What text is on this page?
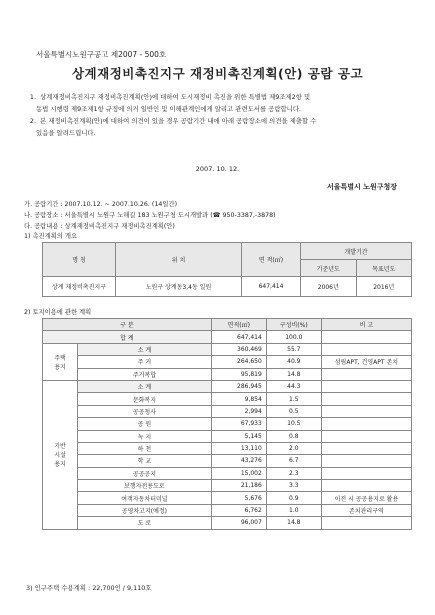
서울특별시노원구공고 제2007 - 500호
상계재정비촉진지구 재정비촉진계획(안) 공람 공고
1. 상계재정비촉진지구 재정비촉진계획(안)에 대하여 도시재정비 촉진을 위한 특별법 제9조제2항 및
동법 시행령 제9조제1항 규정에 의거 일반인 및 이해관계인에게 알리고 관련도서를 공람합니다.
2. 본 재정비촉진계획(안)에 대하여 의견이 있을 경우 공람기간 내에 아래 공람장소에 의견을 제출할 수
있음을 알려드립니다.
2007. 10. 12.
서울특별시 노원구청장
가. 공람기간 : 2007.10.12. ~ 2007.10.26. (14일간)
나. 공람장소 : 서울특별시 노원구 노해길 183 노원구청 도시개발과 (☎ 950-3387,-3878)
다. 공람내용 : 상계재정비촉진지구 재정비촉진계획(안)
1) 촉진계획의 개요
명 칭	위 치	면 적(㎡)	개발기간	
			기준년도	목표년도
상계 재정비촉진지구	노원구 상계동3,4동 일원	647,414	2006년	2016년
2) 토지이용에 관한 계획
구 분		면적(㎡)	구성비(%)	비 고
합 계		647,414	100.0	
주택
용지	소 계	360,469	55.7	
	주 거	264,650	40.9	섬림APT, 건영APT 존치
	주거복합	95,819	14.8	
기반
시설
용지	소 계	286,945	44.3	
	문화복지	9,854	1.5	
	공공청사	2,994	0.5	
	공 원	67,933	10.5	
	녹 지	5,145	0.8	
	하 천	13,110	2.0	
	학 교	43,276	6.7	
	공공공지	15,002	2.3	
	보행자전용도로	21,186	3.3	
	여객자동차터미널	5,676	0.9	이전 시 공공용지로 활용
	공영차고지(예정)	6,762	1.0	존치관리구역
	도 로	96,007	14.8	
3) 인구주택 수용계획 : 22,700인 / 9,110호
